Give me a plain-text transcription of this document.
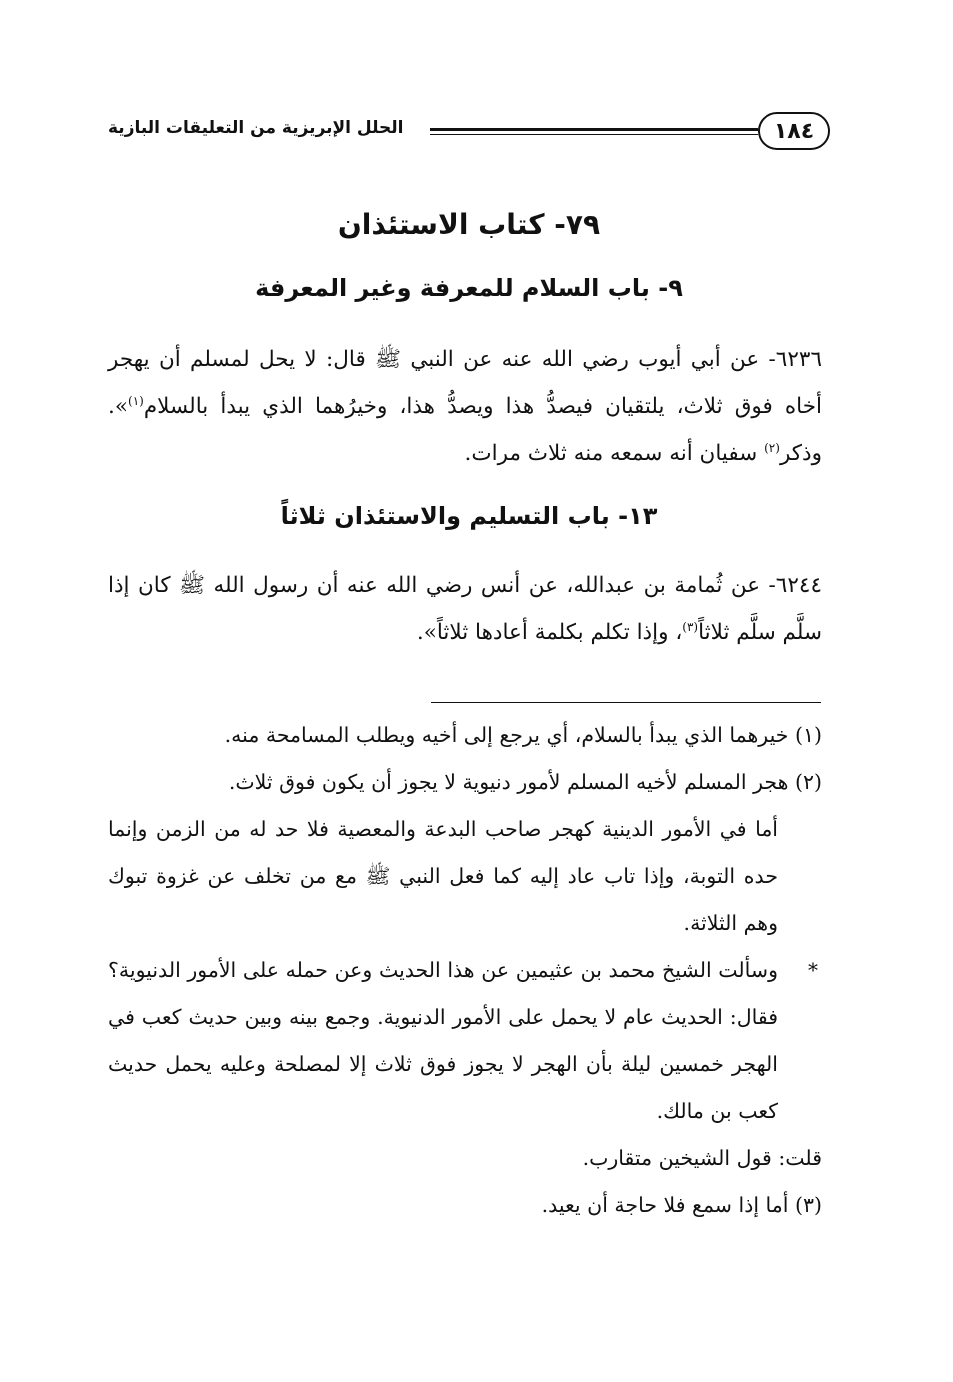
١٨٤
الحلل الإبريزية من التعليقات البازية
٧٩- كتاب الاستئذان
٩- باب السلام للمعرفة وغير المعرفة
٦٢٣٦- عن أبي أيوب رضي الله عنه عن النبي ﷺ قال: لا يحل لمسلم أن يهجر أخاه فوق ثلاث، يلتقيان فيصدُّ هذا ويصدُّ هذا، وخيرُهما الذي يبدأ بالسلام$^{(١)}$». وذكر$^{(٢)}$ سفيان أنه سمعه منه ثلاث مرات.
١٣- باب التسليم والاستئذان ثلاثاً
٦٢٤٤- عن ثُمامة بن عبدالله، عن أنس رضي الله عنه أن رسول الله ﷺ كان إذا سلَّم سلَّم ثلاثاً$^{(٣)}$، وإذا تكلم بكلمة أعادها ثلاثاً».

(١) خيرهما الذي يبدأ بالسلام، أي يرجع إلى أخيه ويطلب المسامحة منه.

(٢) هجر المسلم لأخيه المسلم لأمور دنيوية لا يجوز أن يكون فوق ثلاث.

أما في الأمور الدينية كهجر صاحب البدعة والمعصية فلا حد له من الزمن وإنما حده التوبة، وإذا تاب عاد إليه كما فعل النبي ﷺ مع من تخلف عن غزوة تبوك وهم الثلاثة.

*
وسألت الشيخ محمد بن عثيمين عن هذا الحديث وعن حمله على الأمور الدنيوية؟ فقال: الحديث عام لا يحمل على الأمور الدنيوية. وجمع بينه وبين حديث كعب في الهجر خمسين ليلة بأن الهجر لا يجوز فوق ثلاث إلا لمصلحة وعليه يحمل حديث كعب بن مالك.

قلت: قول الشيخين متقارب.

(٣) أما إذا سمع فلا حاجة أن يعيد.
